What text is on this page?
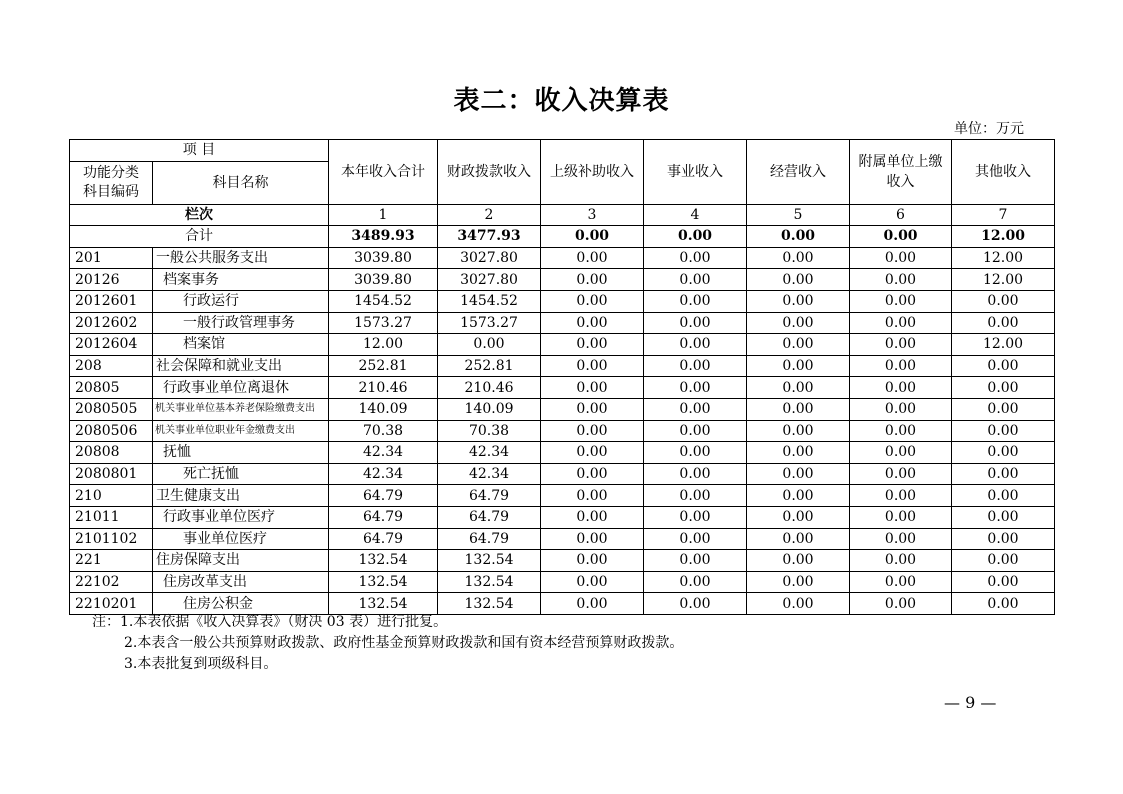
表二：收入决算表
单位：万元
项 目		本年收入合计	财政拨款收入	上级补助收入	事业收入	经营收入	附属单位上缴收入	其他收入

功能分类
科目编码	科目名称							
栏次		1	2	3	4	5	6	7
合计		3489.93	3477.93	0.00	0.00	0.00	0.00	12.00
201	一般公共服务支出	3039.80	3027.80	0.00	0.00	0.00	0.00	12.00
20126	档案事务	3039.80	3027.80	0.00	0.00	0.00	0.00	12.00
2012601	行政运行	1454.52	1454.52	0.00	0.00	0.00	0.00	0.00
2012602	一般行政管理事务	1573.27	1573.27	0.00	0.00	0.00	0.00	0.00
2012604	档案馆	12.00	0.00	0.00	0.00	0.00	0.00	12.00
208	社会保障和就业支出	252.81	252.81	0.00	0.00	0.00	0.00	0.00
20805	行政事业单位离退休	210.46	210.46	0.00	0.00	0.00	0.00	0.00
2080505	机关事业单位基本养老保险缴费支出	140.09	140.09	0.00	0.00	0.00	0.00	0.00
2080506	机关事业单位职业年金缴费支出	70.38	70.38	0.00	0.00	0.00	0.00	0.00
20808	抚恤	42.34	42.34	0.00	0.00	0.00	0.00	0.00
2080801	死亡抚恤	42.34	42.34	0.00	0.00	0.00	0.00	0.00
210	卫生健康支出	64.79	64.79	0.00	0.00	0.00	0.00	0.00
21011	行政事业单位医疗	64.79	64.79	0.00	0.00	0.00	0.00	0.00
2101102	事业单位医疗	64.79	64.79	0.00	0.00	0.00	0.00	0.00
221	住房保障支出	132.54	132.54	0.00	0.00	0.00	0.00	0.00
22102	住房改革支出	132.54	132.54	0.00	0.00	0.00	0.00	0.00
2210201	住房公积金	132.54	132.54	0.00	0.00	0.00	0.00	0.00
注：1.本表依据《收入决算表》（财决 03 表）进行批复。
2.本表含一般公共预算财政拨款、政府性基金预算财政拨款和国有资本经营预算财政拨款。
3.本表批复到项级科目。
— 9 —
